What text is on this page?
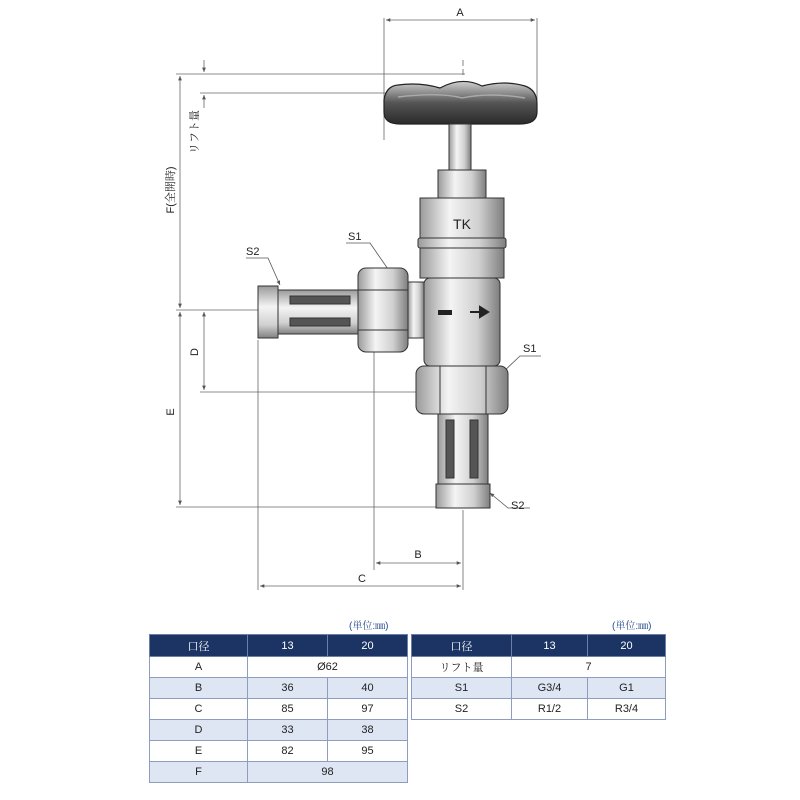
A
B
C
D
E
F(全開時)
リフト量
S1
S1
S2
S2
TK
(単位:㎜)	(単位:㎜)
口径	13	20
A	Ø62	
B	36	40
C	85	97
D	33	38
E	82	95
F	98	
口径	13	20
リフト量	7	
S1	G3/4	G1
S2	R1/2	R3/4
